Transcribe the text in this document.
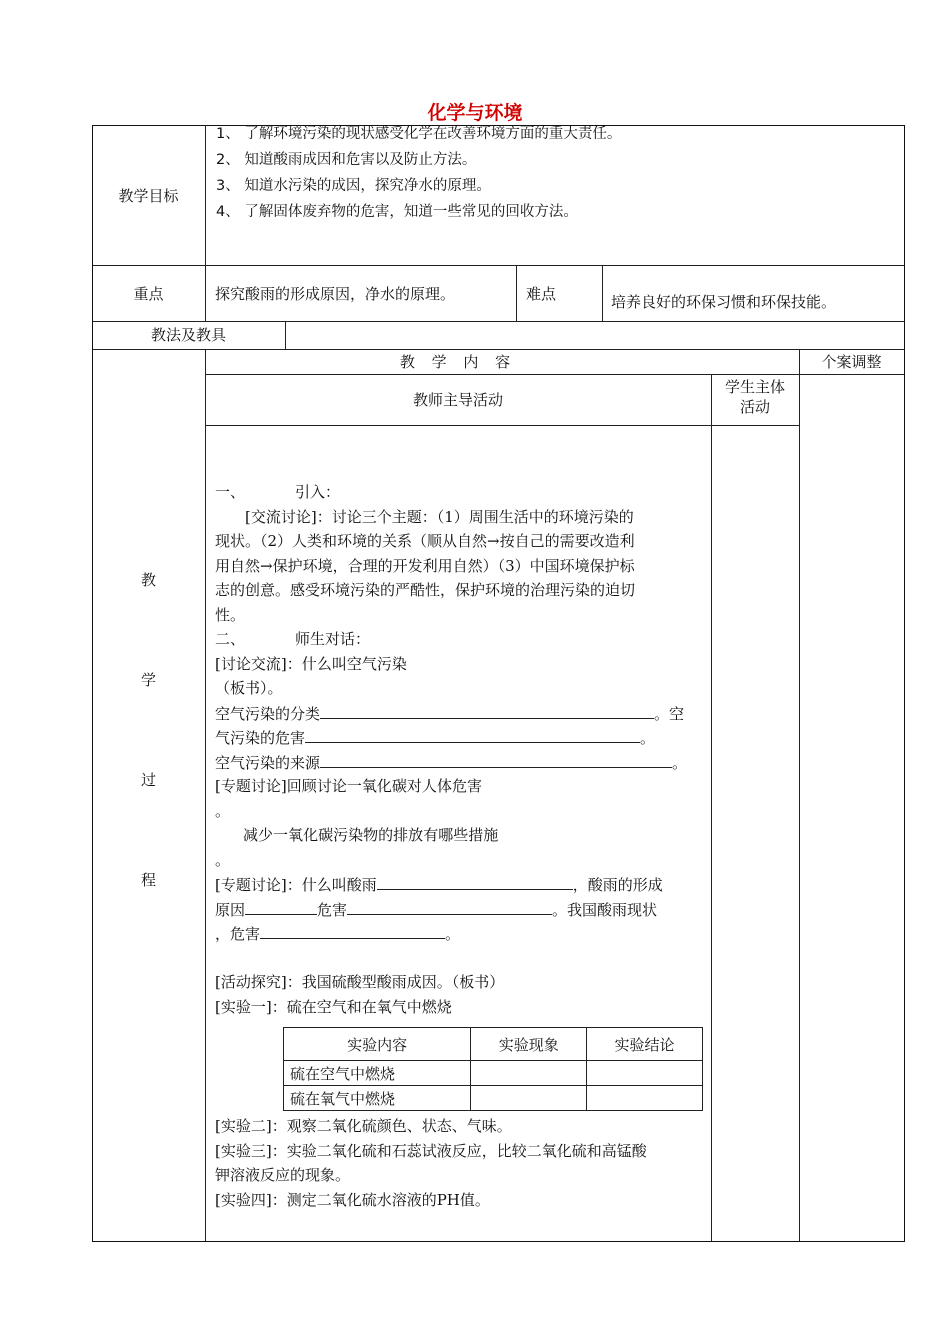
化学与环境
教学目标
1、 了解环境污染的现状感受化学在改善环境方面的重大责任。
2、 知道酸雨成因和危害以及防止方法。
3、 知道水污染的成因，探究净水的原理。
4、 了解固体废弃物的危害，知道一些常见的回收方法。
重点	探究酸雨的形成原因，净水的原理。	难点	培养良好的环保习惯和环保技能。
教法及教具
教 学 内 容	个案调整
教师主导活动
学生主体
活动
教
学
过
程
一、	引入：
[交流讨论]：讨论三个主题：（1）周围生活中的环境污染的
现状。（2）人类和环境的关系（顺从自然→按自己的需要改造利
用自然→保护环境，合理的开发利用自然）（3）中国环境保护标
志的创意。感受环境污染的严酷性，保护环境的治理污染的迫切
性。
二、	师生对话：
[讨论交流]：什么叫空气污染
（板书）。
空气污染的分类	。空
气污染的危害	。
空气污染的来源	。
[专题讨论]回顾讨论一氧化碳对人体危害
。
减少一氧化碳污染物的排放有哪些措施
。
[专题讨论]：什么叫酸雨	，酸雨的形成
原因	危害	。我国酸雨现状
，危害	。
[活动探究]：我国硫酸型酸雨成因。（板书）
[实验一]：硫在空气和在氧气中燃烧
实验内容	实验现象	实验结论
硫在空气中燃烧		
硫在氧气中燃烧		
[实验二]：观察二氧化硫颜色、状态、气味。
[实验三]：实验二氧化硫和石蕊试液反应，比较二氧化硫和高锰酸
钾溶液反应的现象。
[实验四]：测定二氧化硫水溶液的PH值。
